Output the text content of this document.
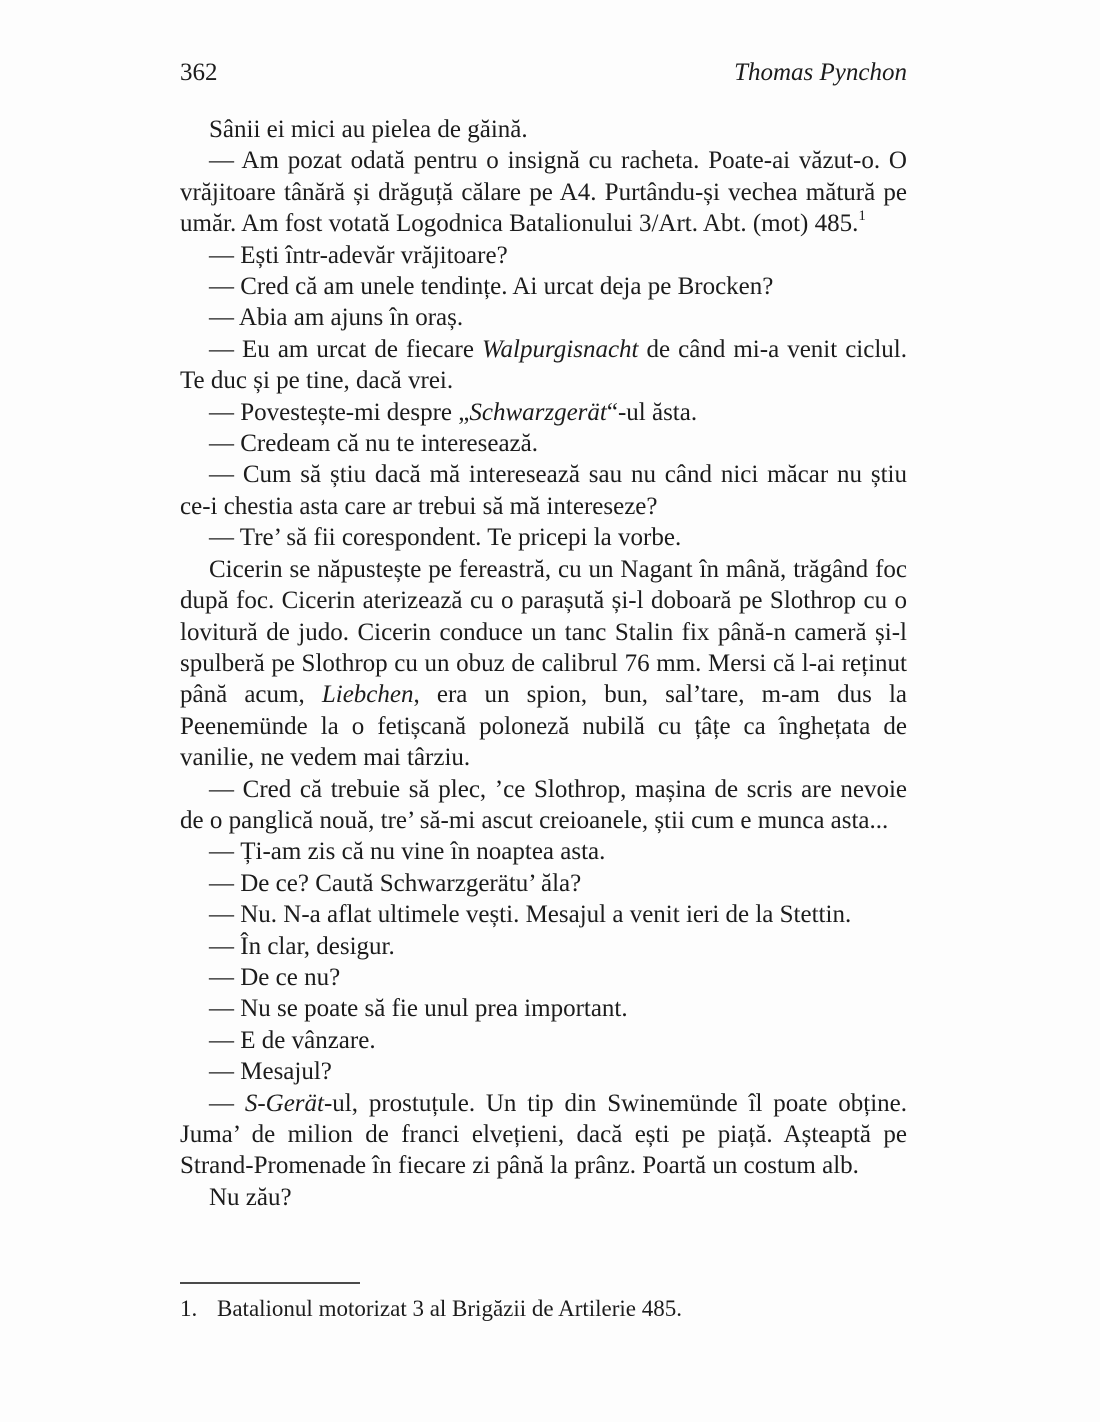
362	Thomas Pynchon

Sânii ei mici au pielea de găină.

— Am pozat odată pentru o insignă cu racheta. Poate-ai văzut-o. O vrăjitoare tânără și drăguță călare pe A4. Purtându-și vechea mătură pe umăr. Am fost votată Logodnica Batalionului 3/Art. Abt. (mot) 485.$^1$

— Ești într-adevăr vrăjitoare?

— Cred că am unele tendințe. Ai urcat deja pe Brocken?

— Abia am ajuns în oraș.

— Eu am urcat de fiecare Walpurgisnacht de când mi-a venit ciclul. Te duc și pe tine, dacă vrei.

— Povestește-mi despre „Schwarzgerät“-ul ăsta.

— Credeam că nu te interesează.

— Cum să știu dacă mă interesează sau nu când nici măcar nu știu ce-i chestia asta care ar trebui să mă intereseze?

— Tre’ să fii corespondent. Te pricepi la vorbe.

Cicerin se năpustește pe fereastră, cu un Nagant în mână, trăgând foc după foc. Cicerin aterizează cu o parașută și-l doboară pe Slothrop cu o lovitură de judo. Cicerin conduce un tanc Stalin fix până-n cameră și-l spulberă pe Slothrop cu un obuz de calibrul 76 mm. Mersi că l-ai reținut până acum, Liebchen, era un spion, bun, sal’tare, m-am dus la Peenemünde la o fetișcană poloneză nubilă cu țâțe ca înghețata de vanilie, ne vedem mai târziu.

— Cred că trebuie să plec, ’ce Slothrop, mașina de scris are nevoie de o panglică nouă, tre’ să-mi ascut creioanele, știi cum e munca asta...

— Ți-am zis că nu vine în noaptea asta.

— De ce? Caută Schwarzgerätu’ ăla?

— Nu. N-a aflat ultimele vești. Mesajul a venit ieri de la Stettin.

— În clar, desigur.

— De ce nu?

— Nu se poate să fie unul prea important.

— E de vânzare.

— Mesajul?

— S-Gerät-ul, prostuțule. Un tip din Swinemünde îl poate obține. Juma’ de milion de franci elvețieni, dacă ești pe piață. Așteaptă pe Strand-Promenade în fiecare zi până la prânz. Poartă un costum alb.

Nu zău?

1. Batalionul motorizat 3 al Brigăzii de Artilerie 485.
